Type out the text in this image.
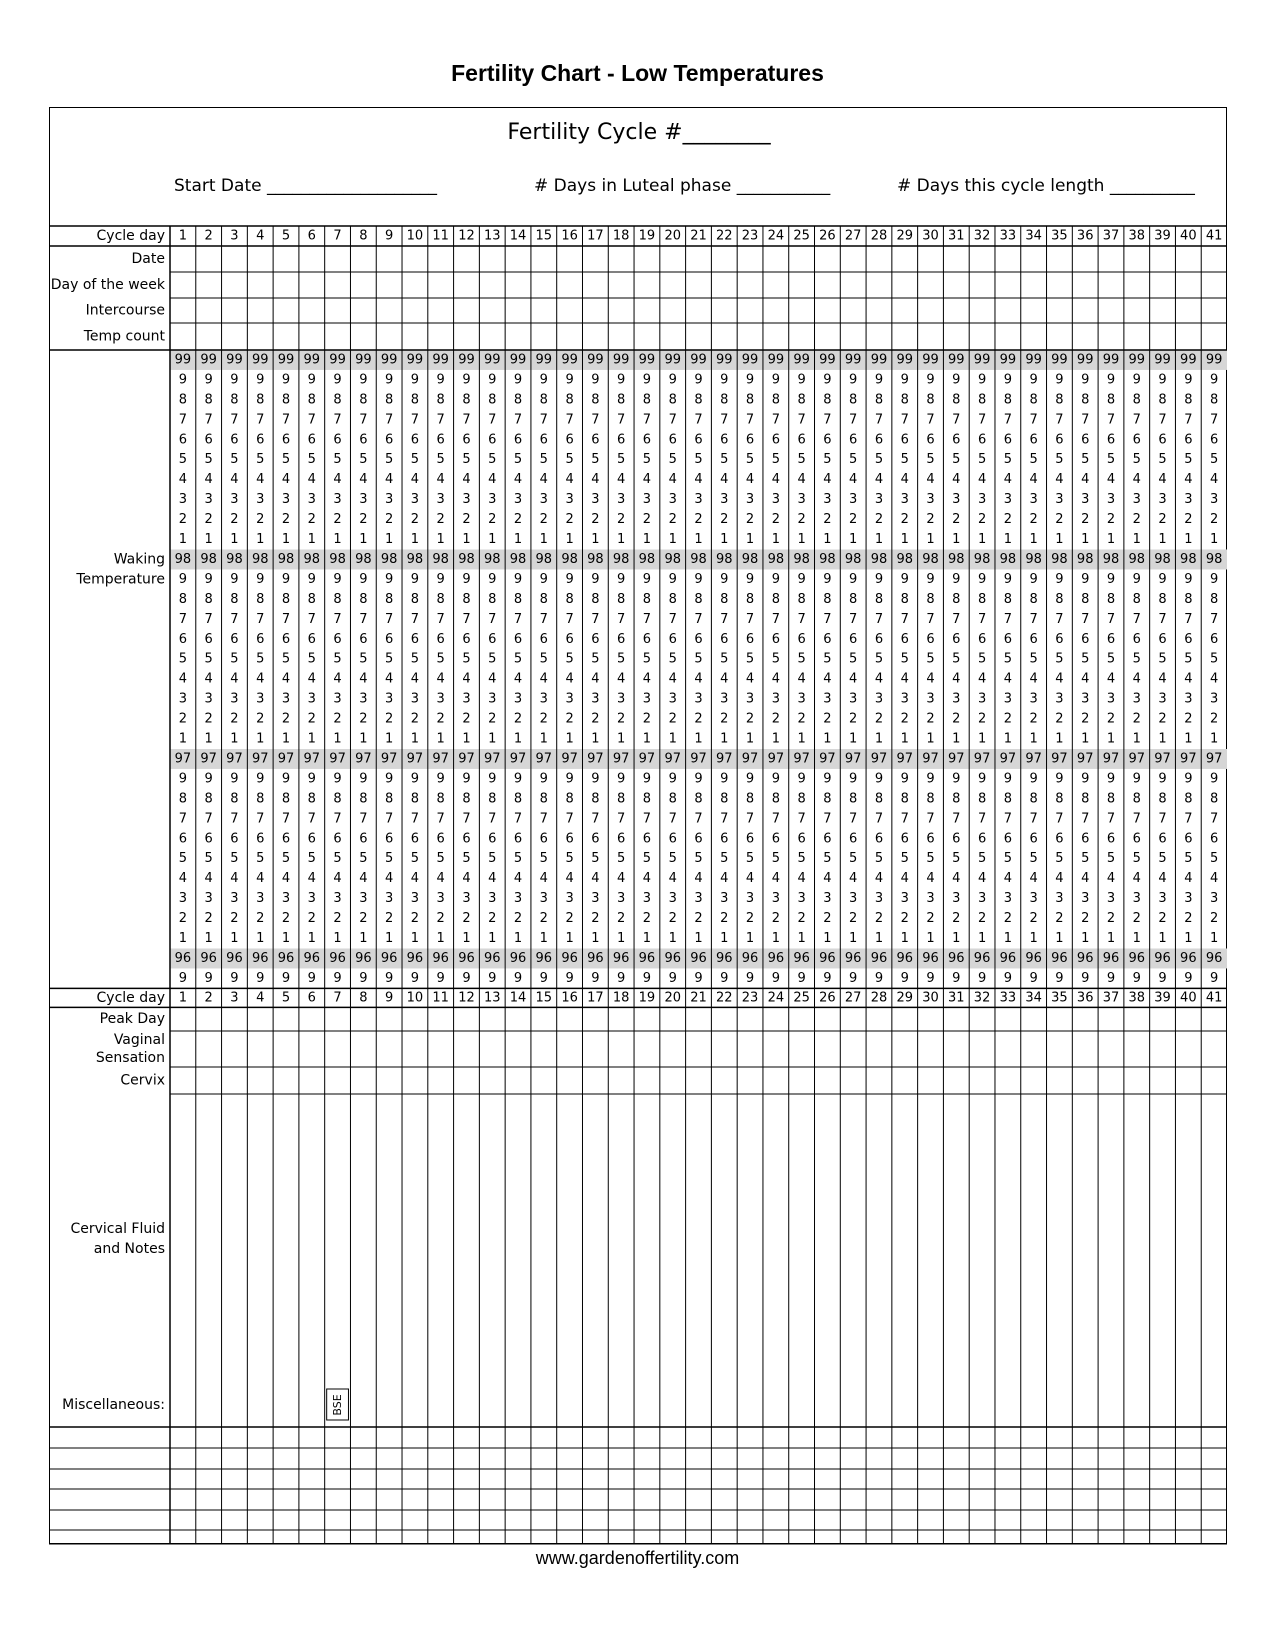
Fertility Chart - Low Temperatures
Fertility Cycle #________
Start Date ____________________	# Days in Luteal phase ___________	# Days this cycle length __________
Cycle day 1 2 3 4 5 6 7 8 9 10 11 12 13 14 15 16 17 18 19 20 21 22 23 24 25 26 27 28 29 30 31 32 33 34 35 36 37 38 39 40 41
Cycle day 1 2 3 4 5 6 7 8 9 10 11 12 13 14 15 16 17 18 19 20 21 22 23 24 25 26 27 28 29 30 31 32 33 34 35 36 37 38 39 40 41
Date
Day of the week
Intercourse
Temp count
Peak Day
Vaginal
Sensation
Cervix
Waking
Temperature
Cervical Fluid
and Notes
Miscellaneous:
99 99 99 99 99 99 99 99 99 99 99 99 99 99 99 99 99 99 99 99 99 99 99 99 99 99 99 99 99 99 99 99 99 99 99 99 99 99 99 99 99
9 9 9 9 9 9 9 9 9 9 9 9 9 9 9 9 9 9 9 9 9 9 9 9 9 9 9 9 9 9 9 9 9 9 9 9 9 9 9 9 9
8 8 8 8 8 8 8 8 8 8 8 8 8 8 8 8 8 8 8 8 8 8 8 8 8 8 8 8 8 8 8 8 8 8 8 8 8 8 8 8 8
7 7 7 7 7 7 7 7 7 7 7 7 7 7 7 7 7 7 7 7 7 7 7 7 7 7 7 7 7 7 7 7 7 7 7 7 7 7 7 7 7
6 6 6 6 6 6 6 6 6 6 6 6 6 6 6 6 6 6 6 6 6 6 6 6 6 6 6 6 6 6 6 6 6 6 6 6 6 6 6 6 6
5 5 5 5 5 5 5 5 5 5 5 5 5 5 5 5 5 5 5 5 5 5 5 5 5 5 5 5 5 5 5 5 5 5 5 5 5 5 5 5 5
4 4 4 4 4 4 4 4 4 4 4 4 4 4 4 4 4 4 4 4 4 4 4 4 4 4 4 4 4 4 4 4 4 4 4 4 4 4 4 4 4
3 3 3 3 3 3 3 3 3 3 3 3 3 3 3 3 3 3 3 3 3 3 3 3 3 3 3 3 3 3 3 3 3 3 3 3 3 3 3 3 3
2 2 2 2 2 2 2 2 2 2 2 2 2 2 2 2 2 2 2 2 2 2 2 2 2 2 2 2 2 2 2 2 2 2 2 2 2 2 2 2 2
1 1 1 1 1 1 1 1 1 1 1 1 1 1 1 1 1 1 1 1 1 1 1 1 1 1 1 1 1 1 1 1 1 1 1 1 1 1 1 1 1
98 98 98 98 98 98 98 98 98 98 98 98 98 98 98 98 98 98 98 98 98 98 98 98 98 98 98 98 98 98 98 98 98 98 98 98 98 98 98 98 98
9 9 9 9 9 9 9 9 9 9 9 9 9 9 9 9 9 9 9 9 9 9 9 9 9 9 9 9 9 9 9 9 9 9 9 9 9 9 9 9 9
8 8 8 8 8 8 8 8 8 8 8 8 8 8 8 8 8 8 8 8 8 8 8 8 8 8 8 8 8 8 8 8 8 8 8 8 8 8 8 8 8
7 7 7 7 7 7 7 7 7 7 7 7 7 7 7 7 7 7 7 7 7 7 7 7 7 7 7 7 7 7 7 7 7 7 7 7 7 7 7 7 7
6 6 6 6 6 6 6 6 6 6 6 6 6 6 6 6 6 6 6 6 6 6 6 6 6 6 6 6 6 6 6 6 6 6 6 6 6 6 6 6 6
5 5 5 5 5 5 5 5 5 5 5 5 5 5 5 5 5 5 5 5 5 5 5 5 5 5 5 5 5 5 5 5 5 5 5 5 5 5 5 5 5
4 4 4 4 4 4 4 4 4 4 4 4 4 4 4 4 4 4 4 4 4 4 4 4 4 4 4 4 4 4 4 4 4 4 4 4 4 4 4 4 4
3 3 3 3 3 3 3 3 3 3 3 3 3 3 3 3 3 3 3 3 3 3 3 3 3 3 3 3 3 3 3 3 3 3 3 3 3 3 3 3 3
2 2 2 2 2 2 2 2 2 2 2 2 2 2 2 2 2 2 2 2 2 2 2 2 2 2 2 2 2 2 2 2 2 2 2 2 2 2 2 2 2
1 1 1 1 1 1 1 1 1 1 1 1 1 1 1 1 1 1 1 1 1 1 1 1 1 1 1 1 1 1 1 1 1 1 1 1 1 1 1 1 1
97 97 97 97 97 97 97 97 97 97 97 97 97 97 97 97 97 97 97 97 97 97 97 97 97 97 97 97 97 97 97 97 97 97 97 97 97 97 97 97 97
9 9 9 9 9 9 9 9 9 9 9 9 9 9 9 9 9 9 9 9 9 9 9 9 9 9 9 9 9 9 9 9 9 9 9 9 9 9 9 9 9
8 8 8 8 8 8 8 8 8 8 8 8 8 8 8 8 8 8 8 8 8 8 8 8 8 8 8 8 8 8 8 8 8 8 8 8 8 8 8 8 8
7 7 7 7 7 7 7 7 7 7 7 7 7 7 7 7 7 7 7 7 7 7 7 7 7 7 7 7 7 7 7 7 7 7 7 7 7 7 7 7 7
6 6 6 6 6 6 6 6 6 6 6 6 6 6 6 6 6 6 6 6 6 6 6 6 6 6 6 6 6 6 6 6 6 6 6 6 6 6 6 6 6
5 5 5 5 5 5 5 5 5 5 5 5 5 5 5 5 5 5 5 5 5 5 5 5 5 5 5 5 5 5 5 5 5 5 5 5 5 5 5 5 5
4 4 4 4 4 4 4 4 4 4 4 4 4 4 4 4 4 4 4 4 4 4 4 4 4 4 4 4 4 4 4 4 4 4 4 4 4 4 4 4 4
3 3 3 3 3 3 3 3 3 3 3 3 3 3 3 3 3 3 3 3 3 3 3 3 3 3 3 3 3 3 3 3 3 3 3 3 3 3 3 3 3
2 2 2 2 2 2 2 2 2 2 2 2 2 2 2 2 2 2 2 2 2 2 2 2 2 2 2 2 2 2 2 2 2 2 2 2 2 2 2 2 2
1 1 1 1 1 1 1 1 1 1 1 1 1 1 1 1 1 1 1 1 1 1 1 1 1 1 1 1 1 1 1 1 1 1 1 1 1 1 1 1 1
96 96 96 96 96 96 96 96 96 96 96 96 96 96 96 96 96 96 96 96 96 96 96 96 96 96 96 96 96 96 96 96 96 96 96 96 96 96 96 96 96
9 9 9 9 9 9 9 9 9 9 9 9 9 9 9 9 9 9 9 9 9 9 9 9 9 9 9 9 9 9 9 9 9 9 9 9 9 9 9 9 9
BSE
www.gardenoffertility.com
